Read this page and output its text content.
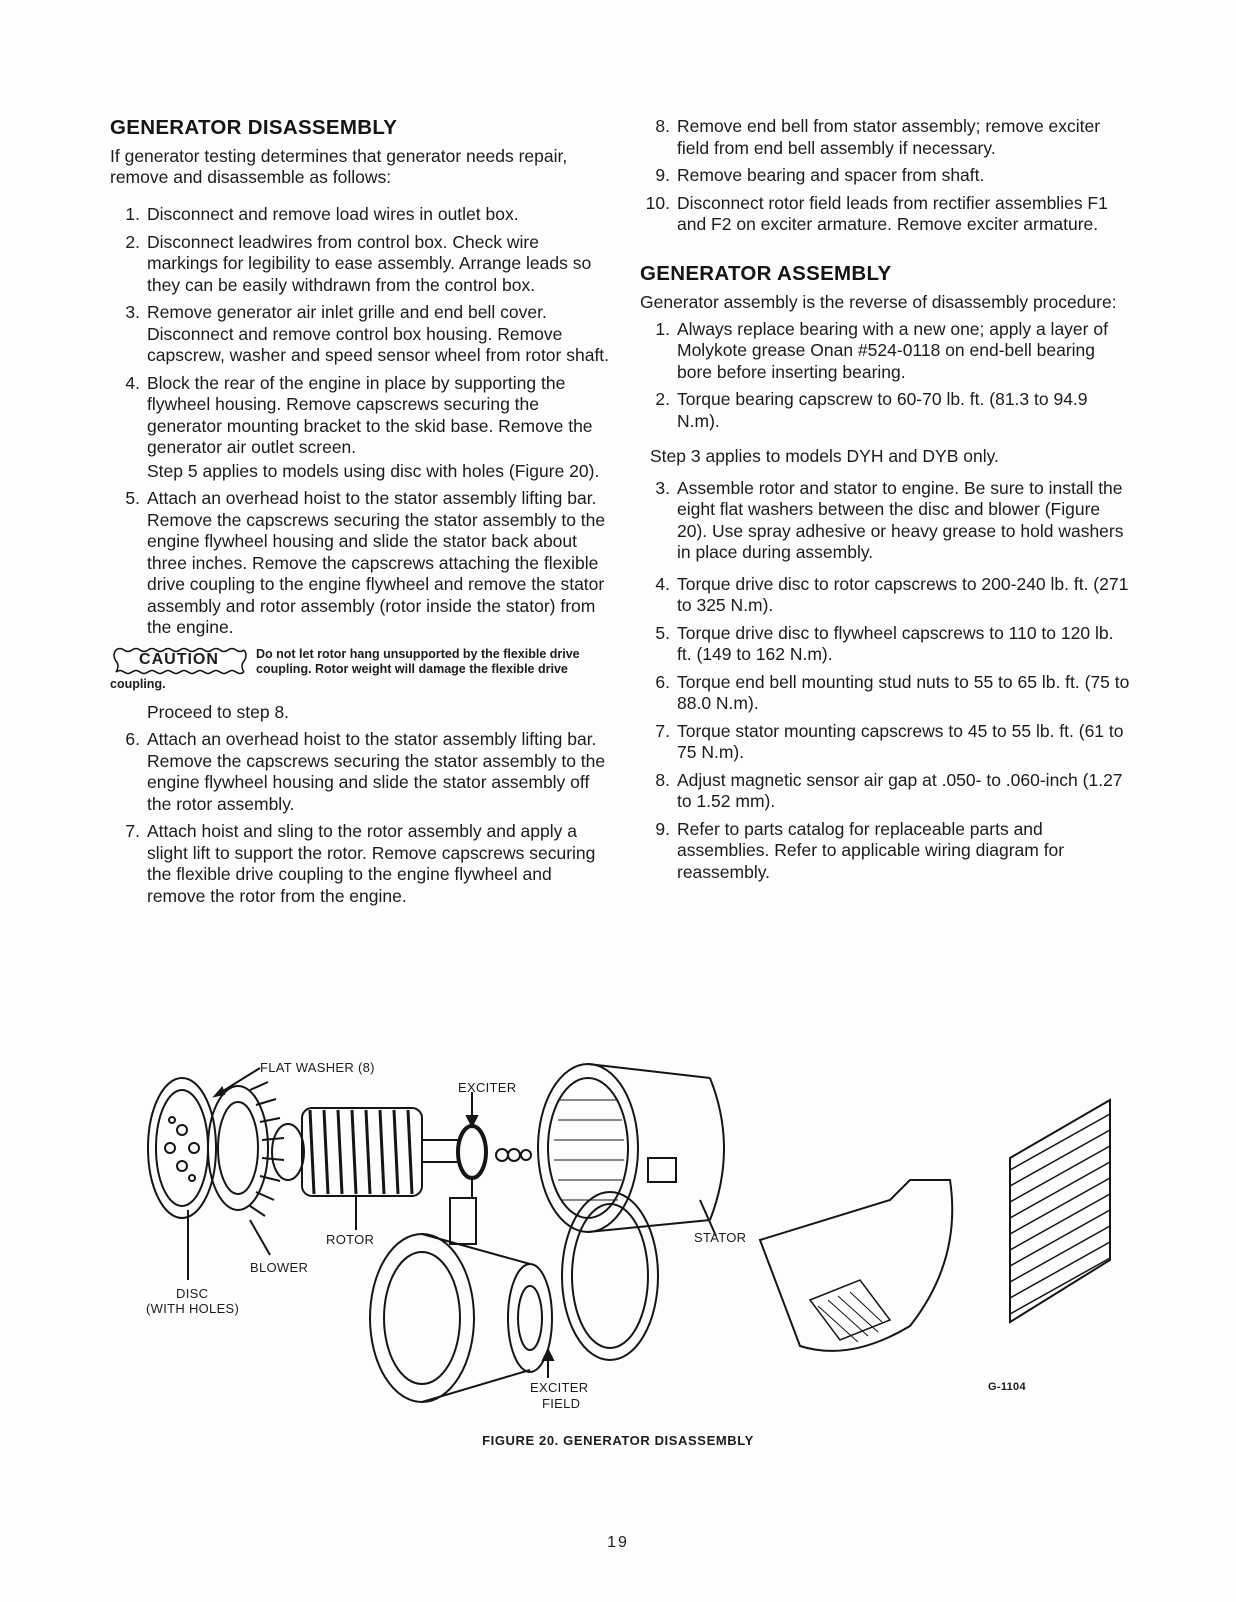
GENERATOR DISASSEMBLY

If generator testing determines that generator needs repair, remove and disassemble as follows:

1. Disconnect and remove load wires in outlet box.
2. Disconnect leadwires from control box. Check wire markings for legibility to ease assembly. Arrange leads so they can be easily withdrawn from the control box.
3. Remove generator air inlet grille and end bell cover. Disconnect and remove control box housing. Remove capscrew, washer and speed sensor wheel from rotor shaft.
4. Block the rear of the engine in place by supporting the flywheel housing. Remove capscrews securing the generator mounting bracket to the skid base. Remove the generator air outlet screen.
Step 5 applies to models using disc with holes (Figure 20).
5. Attach an overhead hoist to the stator assembly lifting bar. Remove the capscrews securing the stator assembly to the engine flywheel housing and slide the stator back about three inches. Remove the capscrews attaching the flexible drive coupling to the engine flywheel and remove the stator assembly and rotor assembly (rotor inside the stator) from the engine.
CAUTION	Do not let rotor hang unsupported by the flexible drive coupling. Rotor weight will damage the flexible drive coupling.
Proceed to step 8.
6. Attach an overhead hoist to the stator assembly lifting bar. Remove the capscrews securing the stator assembly to the engine flywheel housing and slide the stator assembly off the rotor assembly.
7. Attach hoist and sling to the rotor assembly and apply a slight lift to support the rotor. Remove capscrews securing the flexible drive coupling to the engine flywheel and remove the rotor from the engine.
8. Remove end bell from stator assembly; remove exciter field from end bell assembly if necessary.
9. Remove bearing and spacer from shaft.
10. Disconnect rotor field leads from rectifier assemblies F1 and F2 on exciter armature. Remove exciter armature.
GENERATOR ASSEMBLY

Generator assembly is the reverse of disassembly procedure:

1. Always replace bearing with a new one; apply a layer of Molykote grease Onan #524-0118 on end-bell bearing bore before inserting bearing.
2. Torque bearing capscrew to 60-70 lb. ft. (81.3 to 94.9 N.m).
Step 3 applies to models DYH and DYB only.
3. Assemble rotor and stator to engine. Be sure to install the eight flat washers between the disc and blower (Figure 20). Use spray adhesive or heavy grease to hold washers in place during assembly.
4. Torque drive disc to rotor capscrews to 200-240 lb. ft. (271 to 325 N.m).
5. Torque drive disc to flywheel capscrews to 110 to 120 lb. ft. (149 to 162 N.m).
6. Torque end bell mounting stud nuts to 55 to 65 lb. ft. (75 to 88.0 N.m).
7. Torque stator mounting capscrews to 45 to 55 lb. ft. (61 to 75 N.m).
8. Adjust magnetic sensor air gap at .050- to .060-inch (1.27 to 1.52 mm).
9. Refer to parts catalog for replaceable parts and assemblies. Refer to applicable wiring diagram for reassembly.
FLAT WASHER (8)
EXCITER
ROTOR	STATOR
BLOWER
DISC
(WITH HOLES)
EXCITER
FIELD
G-1104
FIGURE 20. GENERATOR DISASSEMBLY
19
